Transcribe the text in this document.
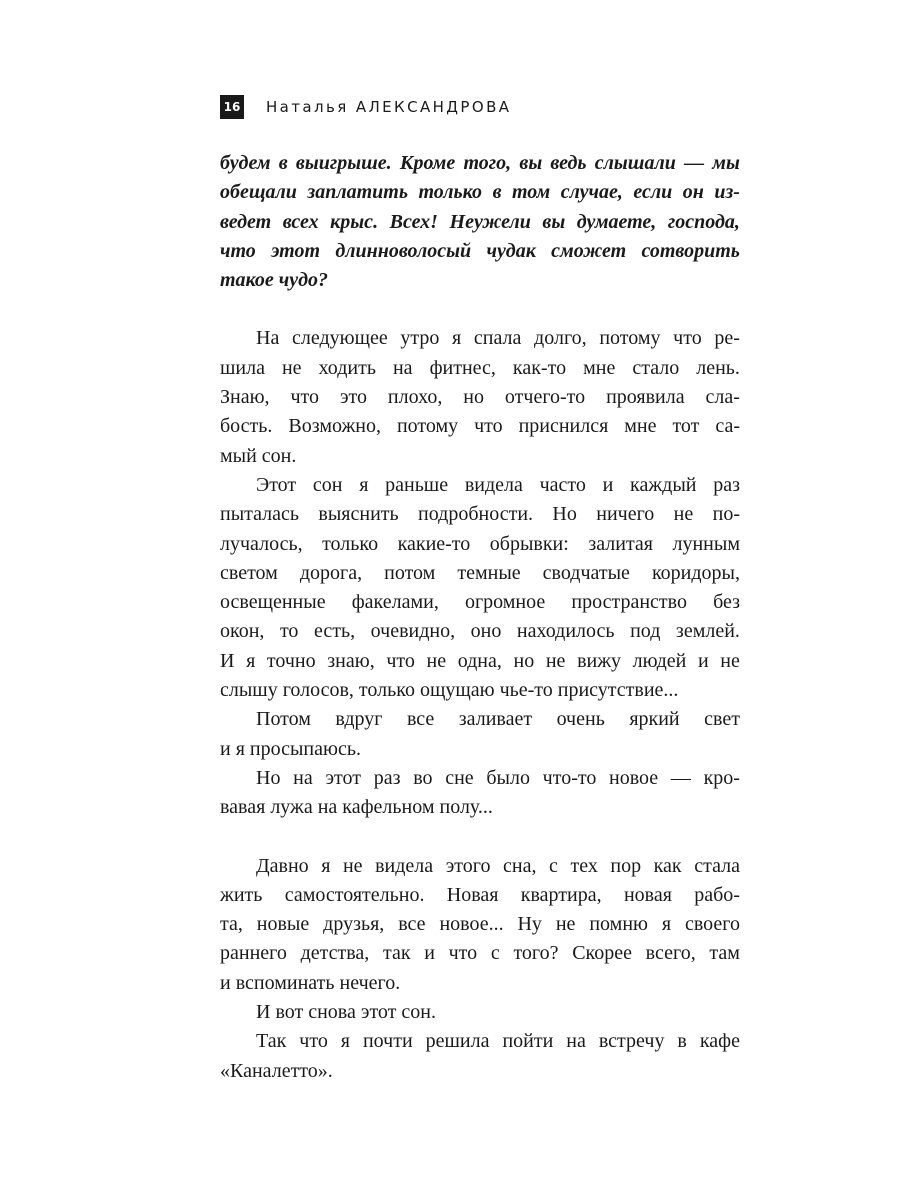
16 Наталья АЛЕКСАНДРОВА
будем в выигрыше. Кроме того, вы ведь слышали — мы
обещали заплатить только в том случае, если он из-
ведет всех крыс. Всех! Неужели вы думаете, господа,
что этот длинноволосый чудак сможет сотворить
такое чудо?
На следующее утро я спала долго, потому что ре-
шила не ходить на фитнес, как-то мне стало лень.
Знаю, что это плохо, но отчего-то проявила сла-
бость. Возможно, потому что приснился мне тот са-
мый сон.
Этот сон я раньше видела часто и каждый раз
пыталась выяснить подробности. Но ничего не по-
лучалось, только какие-то обрывки: залитая лунным
светом дорога, потом темные сводчатые коридоры,
освещенные факелами, огромное пространство без
окон, то есть, очевидно, оно находилось под землей.
И я точно знаю, что не одна, но не вижу людей и не
слышу голосов, только ощущаю чье-то присутствие...
Потом вдруг все заливает очень яркий свет
и я просыпаюсь.
Но на этот раз во сне было что-то новое — кро-
вавая лужа на кафельном полу...
Давно я не видела этого сна, с тех пор как стала
жить самостоятельно. Новая квартира, новая рабо-
та, новые друзья, все новое... Ну не помню я своего
раннего детства, так и что с того? Скорее всего, там
и вспоминать нечего.
И вот снова этот сон.
Так что я почти решила пойти на встречу в кафе
«Каналетто».
